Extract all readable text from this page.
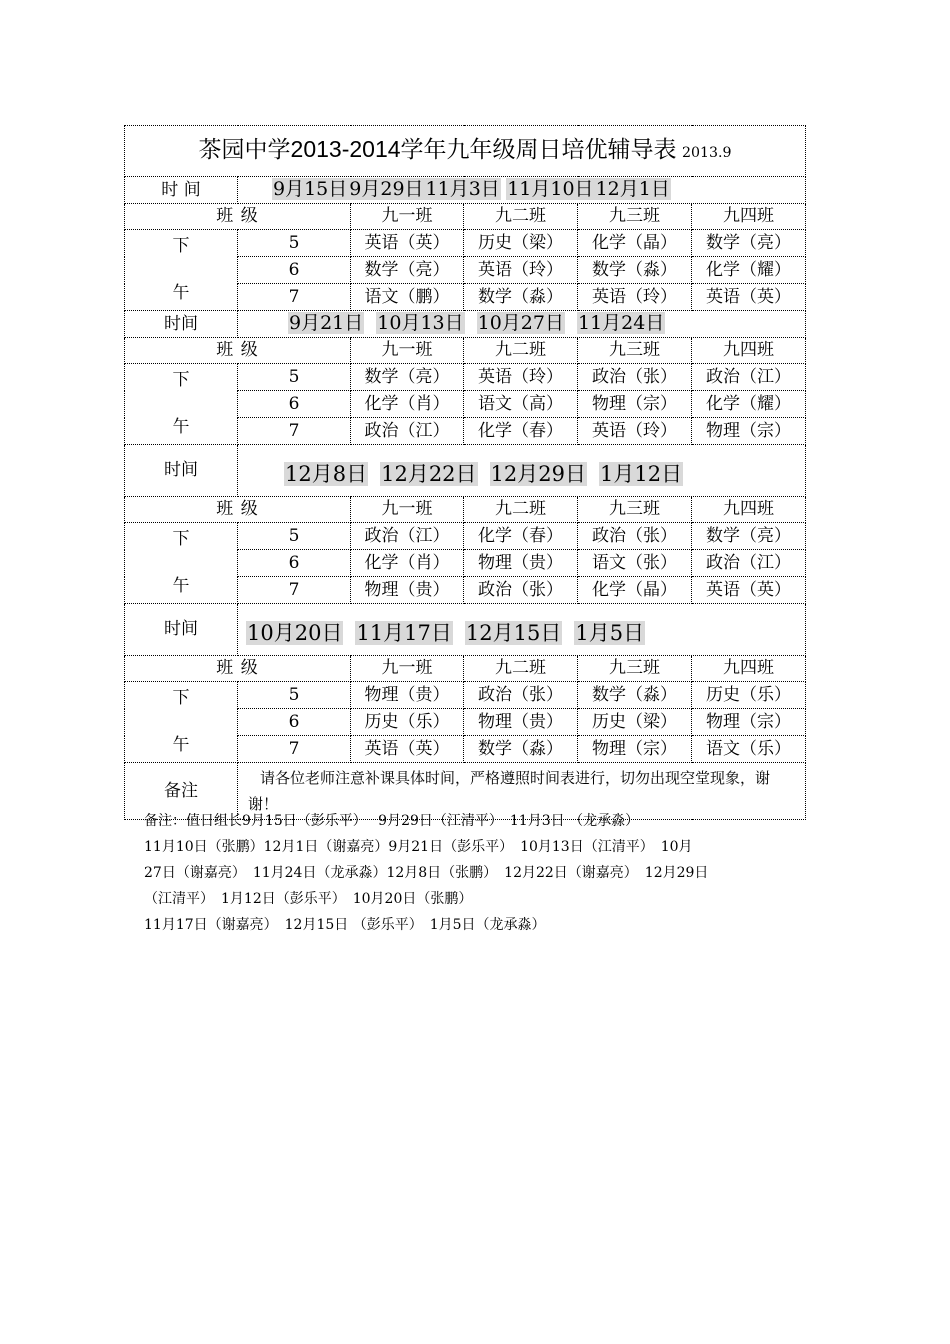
茶园中学2013-2014学年九年级周日培优辅导表 2013.9					
时 间	9月15日 9月29日 11月3日 11月10日 12月1日				
班 级		九一班	九二班	九三班	九四班

下
午	5	英语（英）	历史（梁）	化学（晶）	数学（亮）
	6	数学（亮）	英语（玲）	数学（淼）	化学（耀）
	7	语文（鹏）	数学（淼）	英语（玲）	英语（英）
时间	9月21日 10月13日 10月27日 11月24日				
班 级		九一班	九二班	九三班	九四班

下
午	5	数学（亮）	英语（玲）	政治（张）	政治（江）
	6	化学（肖）	语文（高）	物理（宗）	化学（耀）
	7	政治（江）	化学（春）	英语（玲）	物理（宗）
时间	12月8日 12月22日 12月29日 1月12日				
班 级		九一班	九二班	九三班	九四班

下
午	5	政治（江）	化学（春）	政治（张）	数学（亮）
	6	化学（肖）	物理（贵）	语文（张）	政治（江）
	7	物理（贵）	政治（张）	化学（晶）	英语（英）
时间	10月20日 11月17日 12月15日 1月5日				
班 级		九一班	九二班	九三班	九四班

下
午	5	物理（贵）	政治（张）	数学（淼）	历史（乐）
	6	历史（乐）	物理（贵）	历史（梁）	物理（宗）
	7	英语（英）	数学（淼）	物理（宗）	语文（乐）
备注	请各位老师注意补课具体时间，严格遵照时间表进行，切勿出现空堂现象，谢谢！				

备注：值日组长9月15日（彭乐平）　 9月29日（江清平）　11月3日 （龙承淼）

11月10日（张鹏）12月1日（谢嘉亮）9月21日（彭乐平）　10月13日（江清平）　10月

27日（谢嘉亮）　11月24日（龙承淼）12月8日（张鹏）　12月22日（谢嘉亮）　12月29日

（江清平）　1月12日（彭乐平）　10月20日（张鹏）

11月17日（谢嘉亮）　12月15日 （彭乐平）　1月5日（龙承淼）
